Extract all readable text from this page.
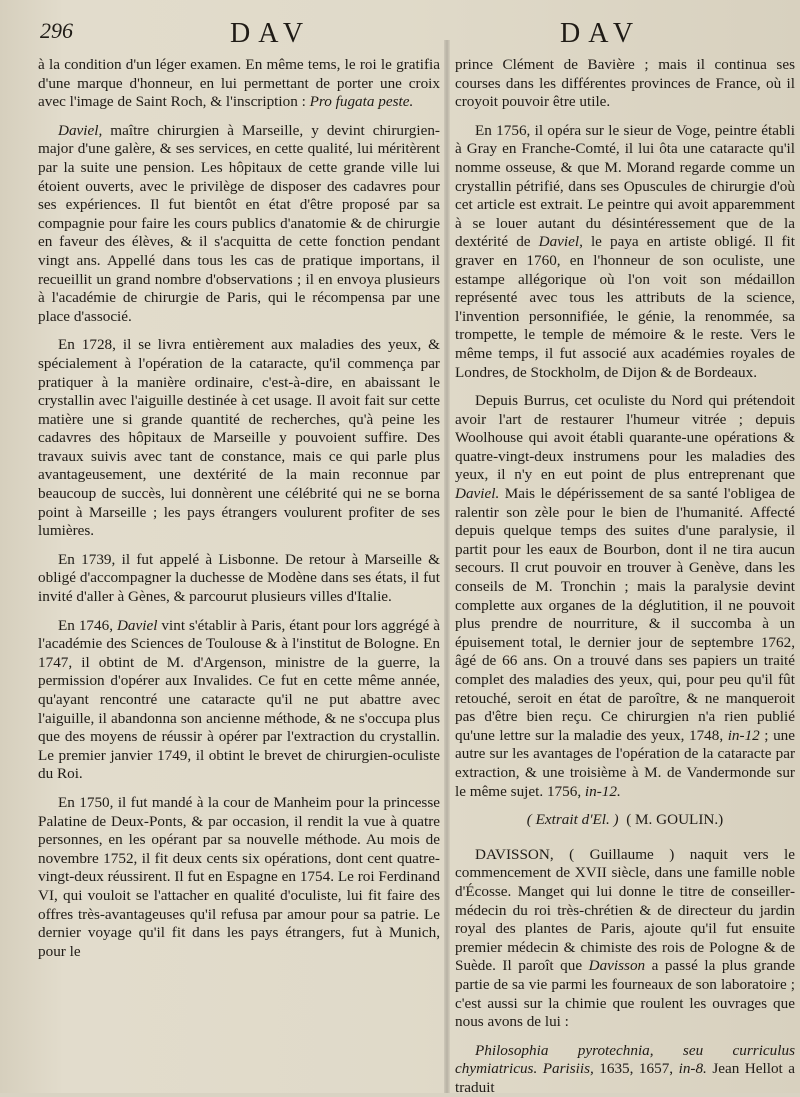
296	DAV	DAV

à la condition d'un léger examen. En même tems, le roi le gratifia d'une marque d'honneur, en lui permettant de porter une croix avec l'image de Saint Roch, & l'inscription : Pro fugata peste.

Daviel, maître chirurgien à Marseille, y devint chirurgien-major d'une galère, & ses services, en cette qualité, lui méritèrent par la suite une pension. Les hôpitaux de cette grande ville lui étoient ouverts, avec le privilège de disposer des cadavres pour ses expériences. Il fut bientôt en état d'être proposé par sa compagnie pour faire les cours publics d'anatomie & de chirurgie en faveur des élèves, & il s'acquitta de cette fonction pendant vingt ans. Appellé dans tous les cas de pratique importans, il recueillit un grand nombre d'observations ; il en envoya plusieurs à l'académie de chirurgie de Paris, qui le récompensa par une place d'associé.

En 1728, il se livra entièrement aux maladies des yeux, & spécialement à l'opération de la cataracte, qu'il commença par pratiquer à la manière ordinaire, c'est-à-dire, en abaissant le crystallin avec l'aiguille destinée à cet usage. Il avoit fait sur cette matière une si grande quantité de recherches, qu'à peine les cadavres des hôpitaux de Marseille y pouvoient suffire. Des travaux suivis avec tant de constance, mais ce qui parle plus avantageusement, une dextérité de la main reconnue par beaucoup de succès, lui donnèrent une célébrité qui ne se borna point à Marseille ; les pays étrangers voulurent profiter de ses lumières.

En 1739, il fut appelé à Lisbonne. De retour à Marseille & obligé d'accompagner la duchesse de Modène dans ses états, il fut invité d'aller à Gènes, & parcourut plusieurs villes d'Italie.

En 1746, Daviel vint s'établir à Paris, étant pour lors aggrégé à l'académie des Sciences de Toulouse & à l'institut de Bologne. En 1747, il obtint de M. d'Argenson, ministre de la guerre, la permission d'opérer aux Invalides. Ce fut en cette même année, qu'ayant rencontré une cataracte qu'il ne put abattre avec l'aiguille, il abandonna son ancienne méthode, & ne s'occupa plus que des moyens de réussir à opérer par l'extraction du crystallin. Le premier janvier 1749, il obtint le brevet de chirurgien-oculiste du Roi.

En 1750, il fut mandé à la cour de Manheim pour la princesse Palatine de Deux-Ponts, & par occasion, il rendit la vue à quatre personnes, en les opérant par sa nouvelle méthode. Au mois de novembre 1752, il fit deux cents six opérations, dont cent quatre-vingt-deux réussirent. Il fut en Espagne en 1754. Le roi Ferdinand VI, qui vouloit se l'attacher en qualité d'oculiste, lui fit faire des offres très-avantageuses qu'il refusa par amour pour sa patrie. Le dernier voyage qu'il fit dans les pays étrangers, fut à Munich, pour le

prince Clément de Bavière ; mais il continua ses courses dans les différentes provinces de France, où il croyoit pouvoir être utile.

En 1756, il opéra sur le sieur de Voge, peintre établi à Gray en Franche-Comté, il lui ôta une cataracte qu'il nomme osseuse, & que M. Morand regarde comme un crystallin pétrifié, dans ses Opuscules de chirurgie d'où cet article est extrait. Le peintre qui avoit apparemment à se louer autant du désintéressement que de la dextérité de Daviel, le paya en artiste obligé. Il fit graver en 1760, en l'honneur de son oculiste, une estampe allégorique où l'on voit son médaillon représenté avec tous les attributs de la science, l'invention personnifiée, le génie, la renommée, sa trompette, le temple de mémoire & le reste. Vers le même temps, il fut associé aux académies royales de Londres, de Stockholm, de Dijon & de Bordeaux.

Depuis Burrus, cet oculiste du Nord qui prétendoit avoir l'art de restaurer l'humeur vitrée ; depuis Woolhouse qui avoit établi quarante-une opérations & quatre-vingt-deux instrumens pour les maladies des yeux, il n'y en eut point de plus entreprenant que Daviel. Mais le dépérissement de sa santé l'obligea de ralentir son zèle pour le bien de l'humanité. Affecté depuis quelque temps des suites d'une paralysie, il partit pour les eaux de Bourbon, dont il ne tira aucun secours. Il crut pouvoir en trouver à Genève, dans les conseils de M. Tronchin ; mais la paralysie devint complette aux organes de la déglutition, il ne pouvoit plus prendre de nourriture, & il succomba à un épuisement total, le dernier jour de septembre 1762, âgé de 66 ans. On a trouvé dans ses papiers un traité complet des maladies des yeux, qui, pour peu qu'il fût retouché, seroit en état de paroître, & ne manqueroit pas d'être bien reçu. Ce chirurgien n'a rien publié qu'une lettre sur la maladie des yeux, 1748, in-12 ; une autre sur les avantages de l'opération de la cataracte par extraction, & une troisième à M. de Vandermonde sur le même sujet. 1756, in-12.

( Extrait d'El. ) ( M. GOULIN.)

DAVISSON, ( Guillaume ) naquit vers le commencement de XVII siècle, dans une famille noble d'Écosse. Manget qui lui donne le titre de conseiller-médecin du roi très-chrétien & de directeur du jardin royal des plantes de Paris, ajoute qu'il fut ensuite premier médecin & chimiste des rois de Pologne & de Suède. Il paroît que Davisson a passé la plus grande partie de sa vie parmi les fourneaux de son laboratoire ; c'est aussi sur la chimie que roulent les ouvrages que nous avons de lui :

Philosophia pyrotechnia, seu curriculus chymiatricus. Parisiis, 1635, 1657, in-8. Jean Hellot a traduit
